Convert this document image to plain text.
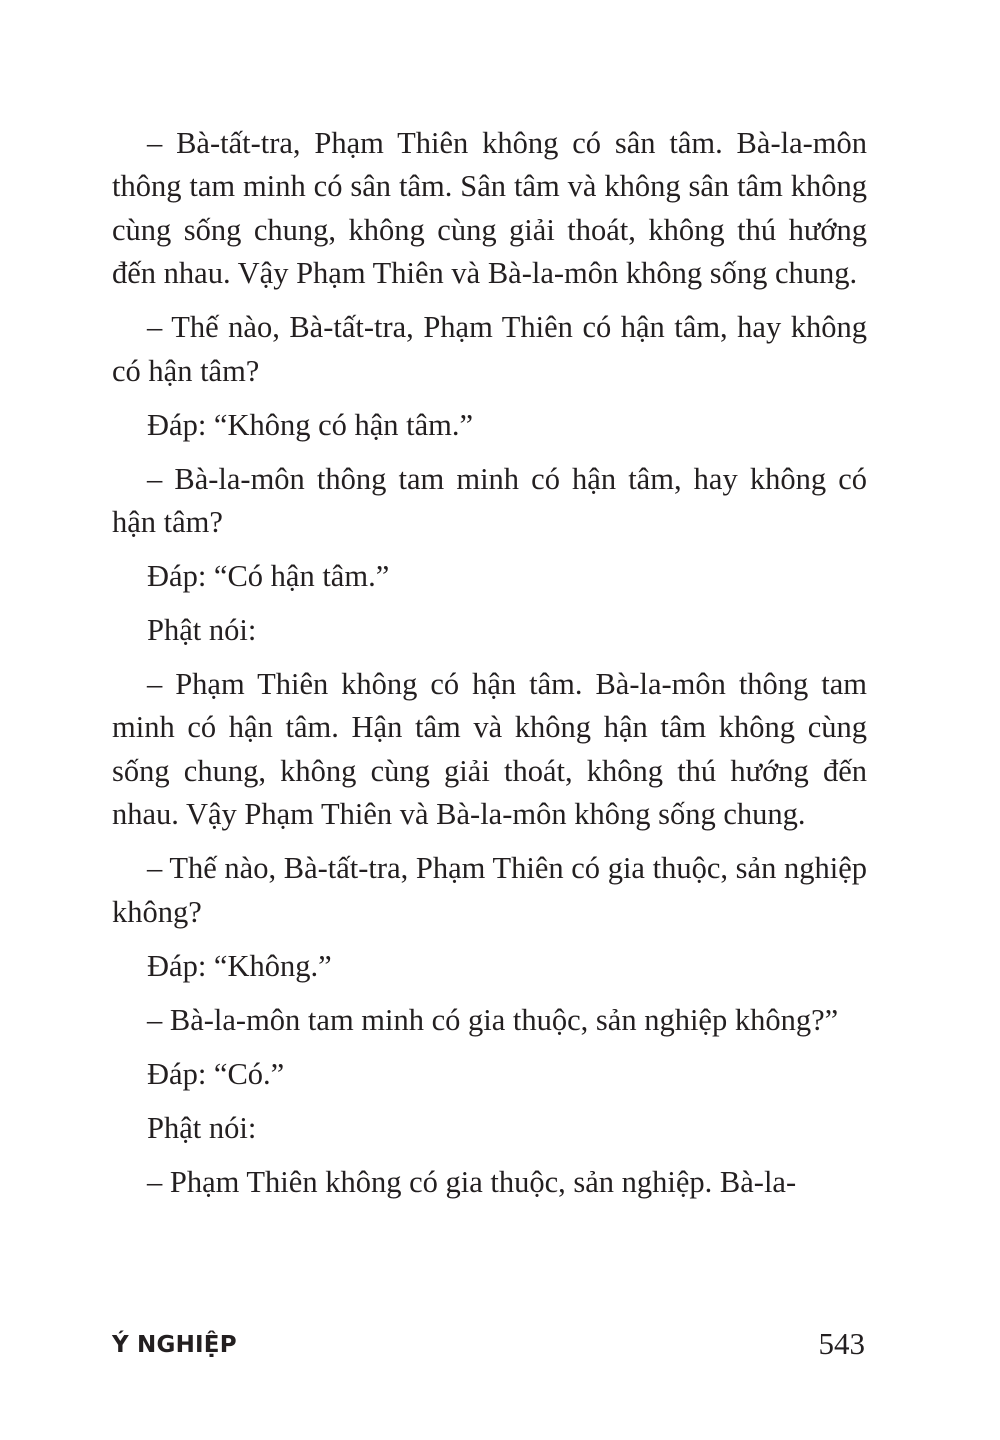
– Bà-tất-tra, Phạm Thiên không có sân tâm. Bà-la-môn thông tam minh có sân tâm. Sân tâm và không sân tâm không cùng sống chung, không cùng giải thoát, không thú hướng đến nhau. Vậy Phạm Thiên và Bà-la-môn không sống chung.

– Thế nào, Bà-tất-tra, Phạm Thiên có hận tâm, hay không có hận tâm?

Đáp: “Không có hận tâm.”

– Bà-la-môn thông tam minh có hận tâm, hay không có hận tâm?

Đáp: “Có hận tâm.”

Phật nói:

– Phạm Thiên không có hận tâm. Bà-la-môn thông tam minh có hận tâm. Hận tâm và không hận tâm không cùng sống chung, không cùng giải thoát, không thú hướng đến nhau. Vậy Phạm Thiên và Bà-la-môn không sống chung.

– Thế nào, Bà-tất-tra, Phạm Thiên có gia thuộc, sản nghiệp không?

Đáp: “Không.”

– Bà-la-môn tam minh có gia thuộc, sản nghiệp không?”

Đáp: “Có.”

Phật nói:

– Phạm Thiên không có gia thuộc, sản nghiệp. Bà-la-

Ý NGHIỆP	543
